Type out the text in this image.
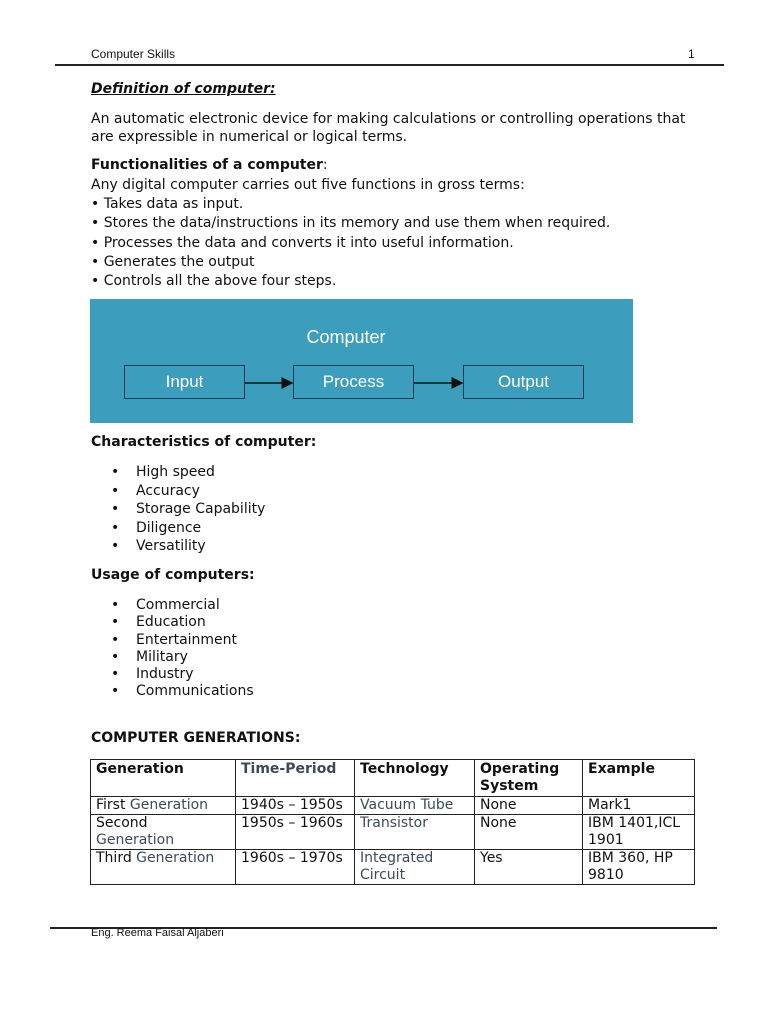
Computer Skills	1
Definition of computer:
An automatic electronic device for making calculations or controlling operations that are expressible in numerical or logical terms.
Functionalities of a computer:
Any digital computer carries out five functions in gross terms:
• Takes data as input.
• Stores the data/instructions in its memory and use them when required.
• Processes the data and converts it into useful information.
• Generates the output
• Controls all the above four steps.
Computer
Input	Process	Output
Characteristics of computer:
•	High speed
•	Accuracy
•	Storage Capability
•	Diligence
•	Versatility
Usage of computers:
•	Commercial
•	Education
•	Entertainment
•	Military
•	Industry
•	Communications
COMPUTER GENERATIONS:
Generation	Time-Period	Technology	Operating System	Example
First Generation	1940s – 1950s	Vacuum Tube	None	Mark1
Second
Generation	1950s – 1960s	Transistor	None	IBM 1401,ICL 1901
Third Generation	1960s – 1970s	Integrated Circuit	Yes	IBM 360, HP 9810
Eng. Reema Faisal Aljaberi
